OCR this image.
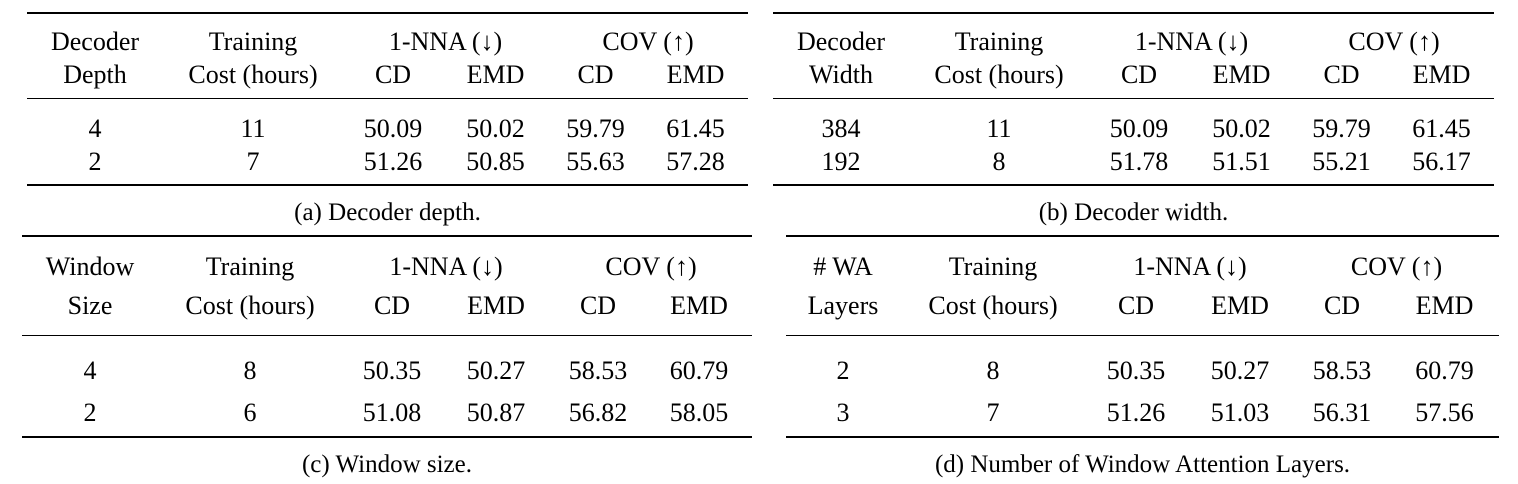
Decoder	Training	1-NNA (↓)		COV (↑)	
Depth	Cost (hours)	CD	EMD	CD	EMD

4	11	50.09	50.02	59.79	61.45
2	7	51.26	50.85	55.63	57.28
(a) Decoder depth.
Decoder	Training	1-NNA (↓)		COV (↑)	
Width	Cost (hours)	CD	EMD	CD	EMD

384	11	50.09	50.02	59.79	61.45
192	8	51.78	51.51	55.21	56.17
(b) Decoder width.
Window	Training	1-NNA (↓)		COV (↑)	
Size	Cost (hours)	CD	EMD	CD	EMD

4	8	50.35	50.27	58.53	60.79
2	6	51.08	50.87	56.82	58.05
(c) Window size.
# WA	Training	1-NNA (↓)		COV (↑)	
Layers	Cost (hours)	CD	EMD	CD	EMD

2	8	50.35	50.27	58.53	60.79
3	7	51.26	51.03	56.31	57.56
(d) Number of Window Attention Layers.
